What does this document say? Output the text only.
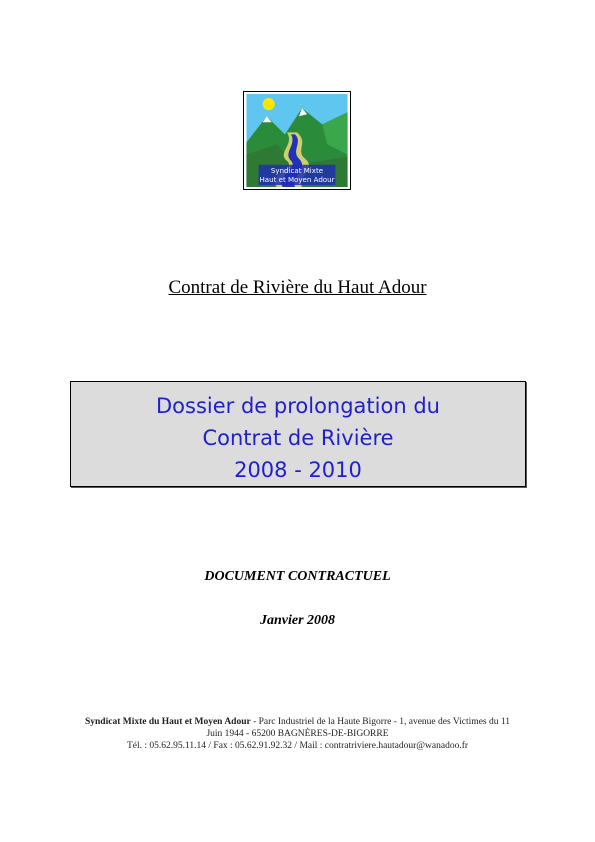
Syndicat Mixte
Haut et Moyen Adour
Contrat de Rivière du Haut Adour
Dossier de prolongation du
Contrat de Rivière
2008 - 2010
DOCUMENT CONTRACTUEL
Janvier 2008
Syndicat Mixte du Haut et Moyen Adour - Parc Industriel de la Haute Bigorre - 1, avenue des Victimes du 11 Juin 1944 - 65200 BAGNÈRES-DE-BIGORRE
Tél. : 05.62.95.11.14 / Fax : 05.62.91.92.32 / Mail : contratriviere.hautadour@wanadoo.fr
